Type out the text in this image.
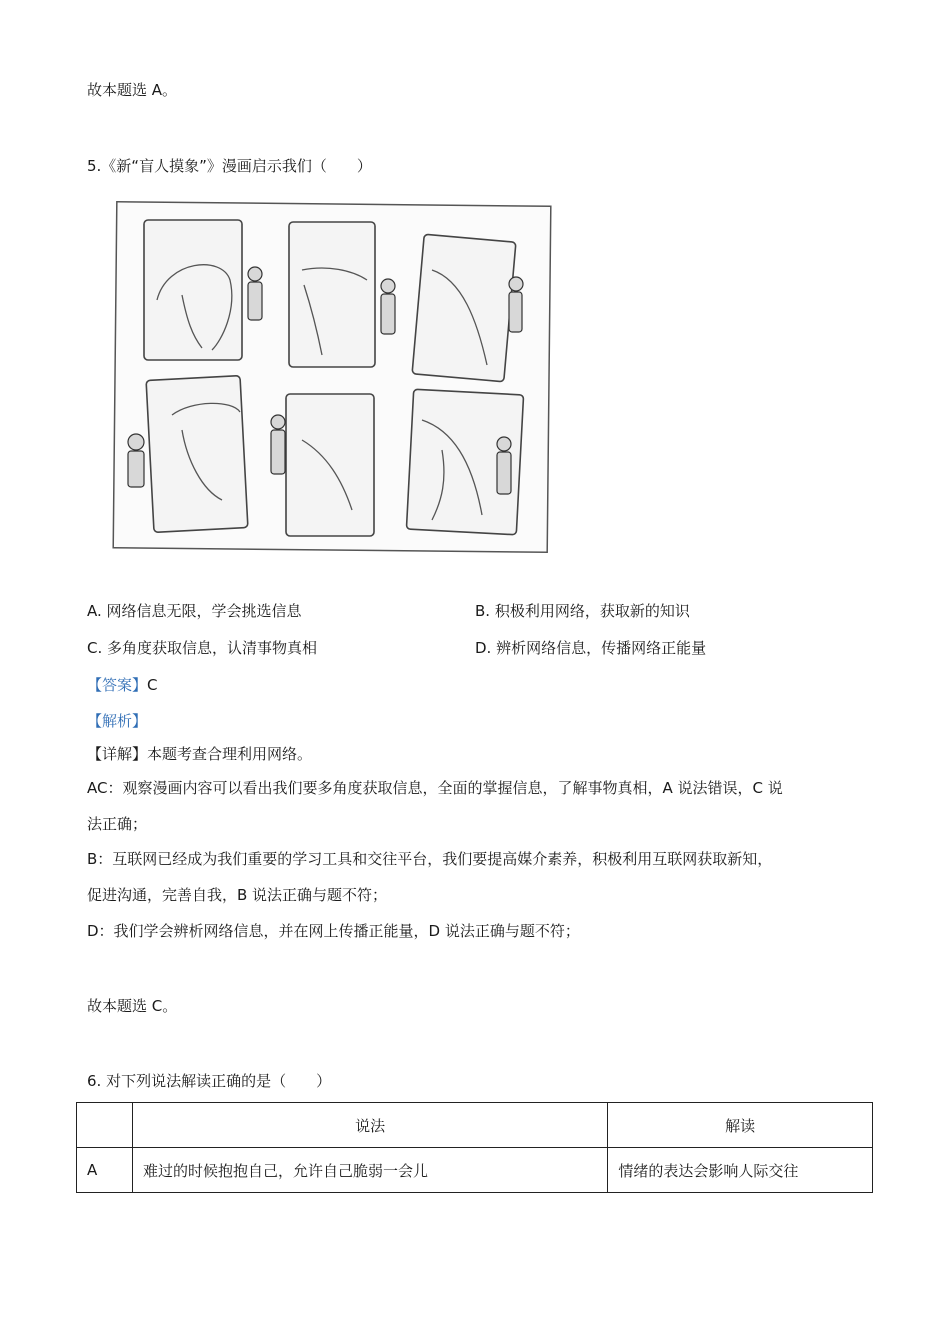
故本题选 A。
5.《新“盲人摸象”》漫画启示我们（　　）
A. 网络信息无限，学会挑选信息	B. 积极利用网络，获取新的知识
C. 多角度获取信息，认清事物真相	D. 辨析网络信息，传播网络正能量
【答案】C
【解析】
【详解】本题考查合理利用网络。
AC：观察漫画内容可以看出我们要多角度获取信息，全面的掌握信息，了解事物真相，A 说法错误，C 说
法正确；
B：互联网已经成为我们重要的学习工具和交往平台，我们要提高媒介素养，积极利用互联网获取新知，
促进沟通，完善自我，B 说法正确与题不符；
D：我们学会辨析网络信息，并在网上传播正能量，D 说法正确与题不符；
故本题选 C。
6. 对下列说法解读正确的是（　　）
	说法	解读
A	难过的时候抱抱自己，允许自己脆弱一会儿	情绪的表达会影响人际交往
